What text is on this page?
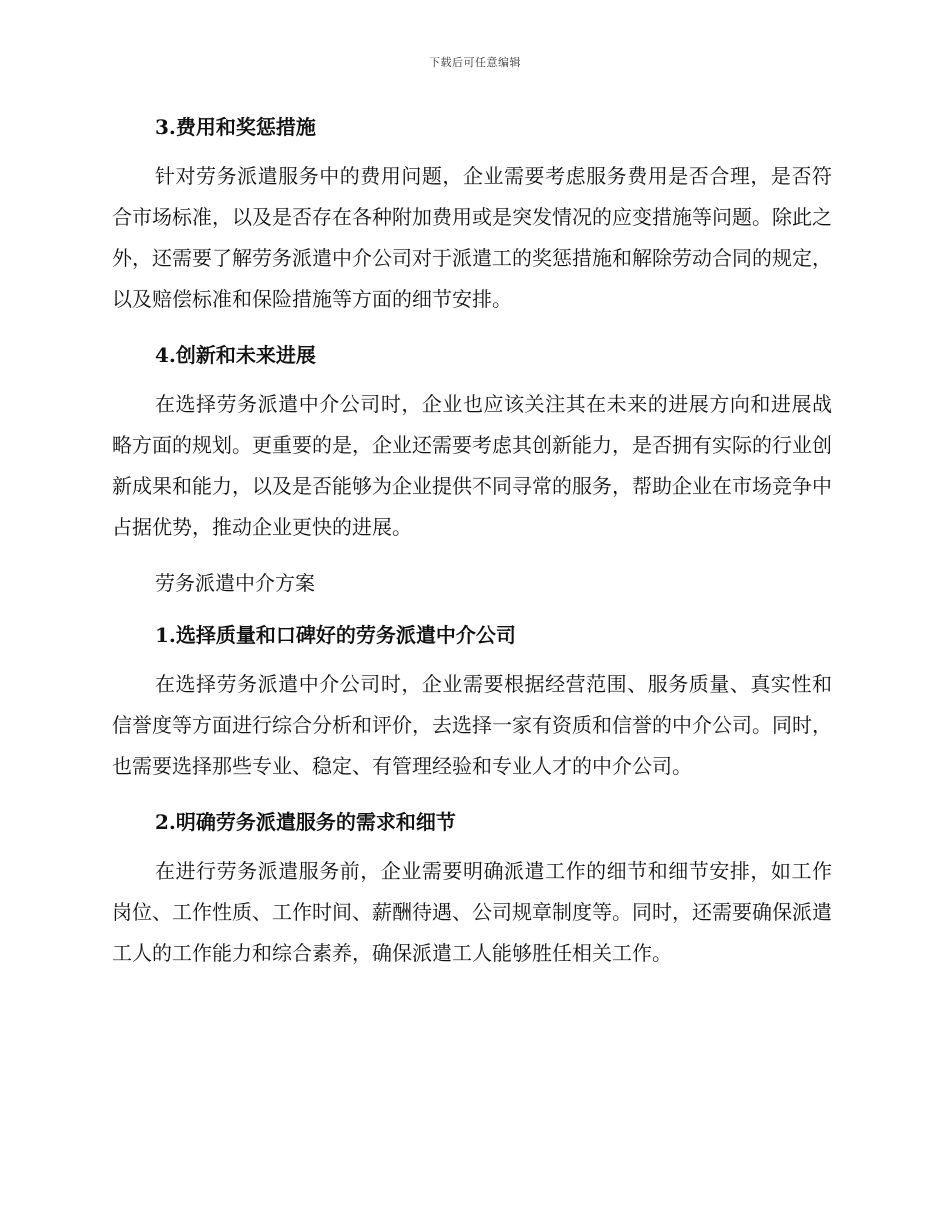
下载后可任意编辑

3.费用和奖惩措施

针对劳务派遣服务中的费用问题，企业需要考虑服务费用是否合理，是否符合市场标准，以及是否存在各种附加费用或是突发情况的应变措施等问题。除此之外，还需要了解劳务派遣中介公司对于派遣工的奖惩措施和解除劳动合同的规定，以及赔偿标准和保险措施等方面的细节安排。

4.创新和未来进展

在选择劳务派遣中介公司时，企业也应该关注其在未来的进展方向和进展战略方面的规划。更重要的是，企业还需要考虑其创新能力，是否拥有实际的行业创新成果和能力，以及是否能够为企业提供不同寻常的服务，帮助企业在市场竞争中占据优势，推动企业更快的进展。

劳务派遣中介方案

1.选择质量和口碑好的劳务派遣中介公司

在选择劳务派遣中介公司时，企业需要根据经营范围、服务质量、真实性和信誉度等方面进行综合分析和评价，去选择一家有资质和信誉的中介公司。同时，也需要选择那些专业、稳定、有管理经验和专业人才的中介公司。

2.明确劳务派遣服务的需求和细节

在进行劳务派遣服务前，企业需要明确派遣工作的细节和细节安排，如工作岗位、工作性质、工作时间、薪酬待遇、公司规章制度等。同时，还需要确保派遣工人的工作能力和综合素养，确保派遣工人能够胜任相关工作。
